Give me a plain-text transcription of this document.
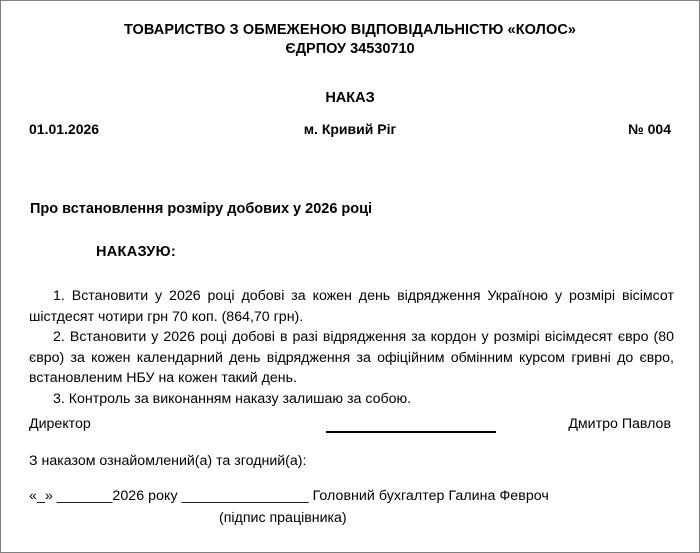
ТОВАРИСТВО З ОБМЕЖЕНОЮ ВІДПОВІДАЛЬНІСТЮ «КОЛОС»
ЄДРПОУ 34530710
НАКАЗ
01.01.2026	м. Кривий Ріг	№ 004
Про встановлення розміру добових у 2026 році
НАКАЗУЮ:

1. Встановити у 2026 році добові за кожен день відрядження Україною у розмірі вісімсот шістдесят чотири грн 70 коп. (864,70 грн).

2. Встановити у 2026 році добові в разі відрядження за кордон у розмірі вісімдесят євро (80 євро) за кожен календарний день відрядження за офіційним обмінним курсом гривні до євро, встановленим НБУ на кожен такий день.

3. Контроль за виконанням наказу залишаю за собою.

Директор	Дмитро Павлов
З наказом ознайомлений(а) та згодний(а):
«_» _______2026 року ________________ Головний бухгалтер Галина Февроч
(підпис працівника)
